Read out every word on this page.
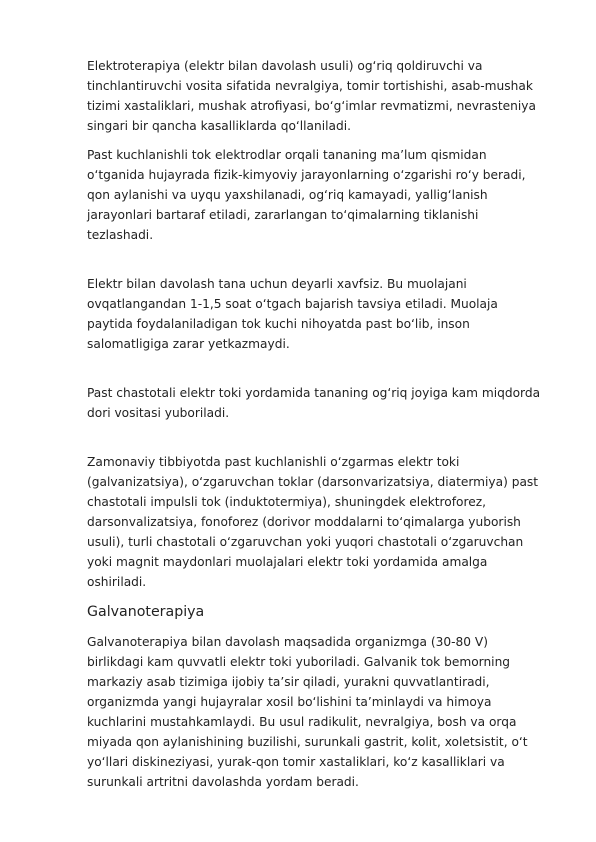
Elektroterapiya (elektr bilan davolash usuli) og‘riq qoldiruvchi va tinchlantiruvchi vosita sifatida nevralgiya, tomir tortishishi, asab-mushak tizimi xastaliklari, mushak atrofiyasi, bo‘g‘imlar revmatizmi, nevrasteniya singari bir qancha kasalliklarda qo‘llaniladi.

Past kuchlanishli tok elektrodlar orqali tananing ma’lum qismidan o‘tganida hujayrada fizik-kimyoviy jarayonlarning o‘zgarishi ro‘y beradi, qon aylanishi va uyqu yaxshilanadi, og‘riq kamayadi, yallig‘lanish jarayonlari bartaraf etiladi, zararlangan to‘qimalarning tiklanishi tezlashadi.

Elektr bilan davolash tana uchun deyarli xavfsiz. Bu muolajani ovqatlangandan 1-1,5 soat o‘tgach bajarish tavsiya etiladi. Muolaja paytida foydalaniladigan tok kuchi nihoyatda past bo‘lib, inson salomatligiga zarar yetkazmaydi.

Past chastotali elektr toki yordamida tananing og‘riq joyiga kam miqdorda dori vositasi yuboriladi.

Zamonaviy tibbiyotda past kuchlanishli o‘zgarmas elektr toki (galvanizatsiya), o‘zgaruvchan toklar (darsonvarizatsiya, diatermiya) past chastotali impulsli tok (induktotermiya), shuningdek elektroforez, darsonvalizatsiya, fonoforez (dorivor moddalarni to‘qimalarga yuborish usuli), turli chastotali o‘zgaruvchan yoki yuqori chastotali o‘zgaruvchan yoki magnit maydonlari muolajalari elektr toki yordamida amalga oshiriladi.

Galvanoterapiya

Galvanoterapiya bilan davolash maqsadida organizmga (30-80 V) birlikdagi kam quvvatli elektr toki yuboriladi. Galvanik tok bemorning markaziy asab tizimiga ijobiy ta’sir qiladi, yurakni quvvatlantiradi, organizmda yangi hujayralar xosil bo‘lishini ta’minlaydi va himoya kuchlarini mustahkamlaydi. Bu usul radikulit, nevralgiya, bosh va orqa miyada qon aylanishining buzilishi, surunkali gastrit, kolit, xoletsistit, o‘t yo‘llari diskineziyasi, yurak-qon tomir xastaliklari, ko‘z kasalliklari va surunkali artritni davolashda yordam beradi.
